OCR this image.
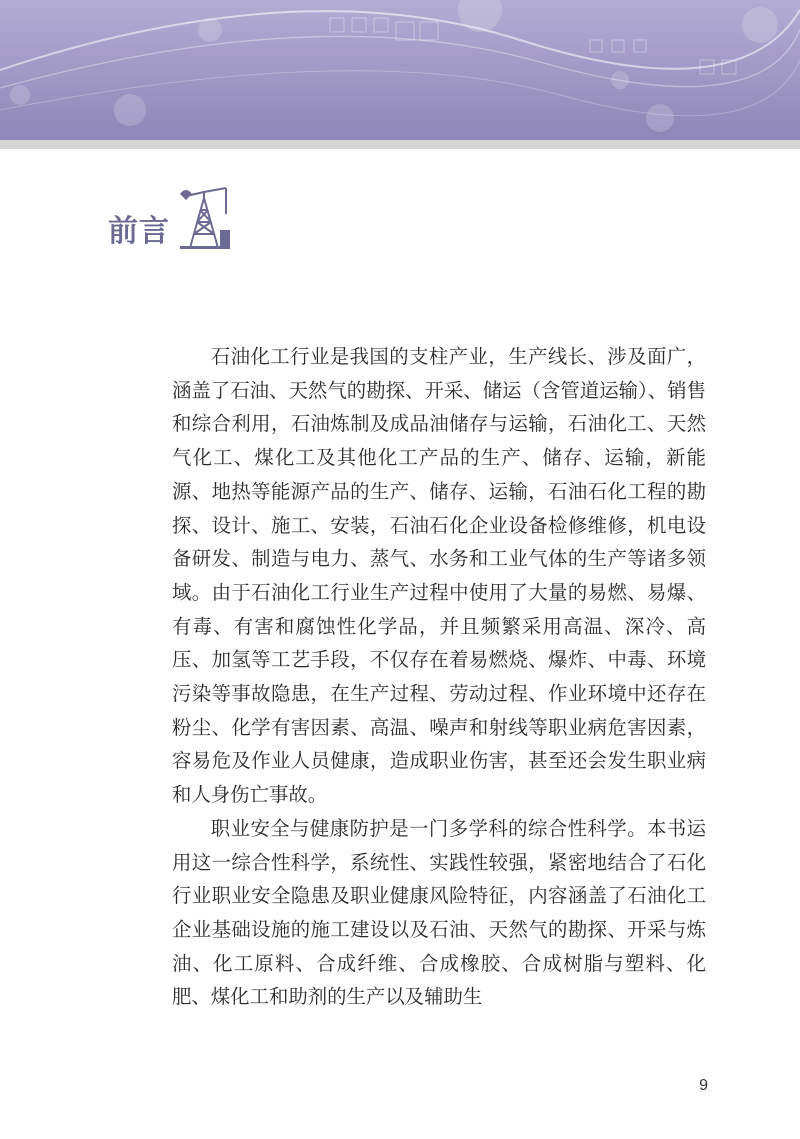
前言

石油化工行业是我国的支柱产业，生产线长、涉及面广，涵盖了石油、天然气的勘探、开采、储运（含管道运输）、销售和综合利用，石油炼制及成品油储存与运输，石油化工、天然气化工、煤化工及其他化工产品的生产、储存、运输，新能源、地热等能源产品的生产、储存、运输，石油石化工程的勘探、设计、施工、安装，石油石化企业设备检修维修，机电设备研发、制造与电力、蒸气、水务和工业气体的生产等诸多领域。由于石油化工行业生产过程中使用了大量的易燃、易爆、有毒、有害和腐蚀性化学品，并且频繁采用高温、深冷、高压、加氢等工艺手段，不仅存在着易燃烧、爆炸、中毒、环境污染等事故隐患，在生产过程、劳动过程、作业环境中还存在粉尘、化学有害因素、高温、噪声和射线等职业病危害因素，容易危及作业人员健康，造成职业伤害，甚至还会发生职业病和人身伤亡事故。

职业安全与健康防护是一门多学科的综合性科学。本书运用这一综合性科学，系统性、实践性较强，紧密地结合了石化行业职业安全隐患及职业健康风险特征，内容涵盖了石油化工企业基础设施的施工建设以及石油、天然气的勘探、开采与炼油、化工原料、合成纤维、合成橡胶、合成树脂与塑料、化肥、煤化工和助剂的生产以及辅助生

9
